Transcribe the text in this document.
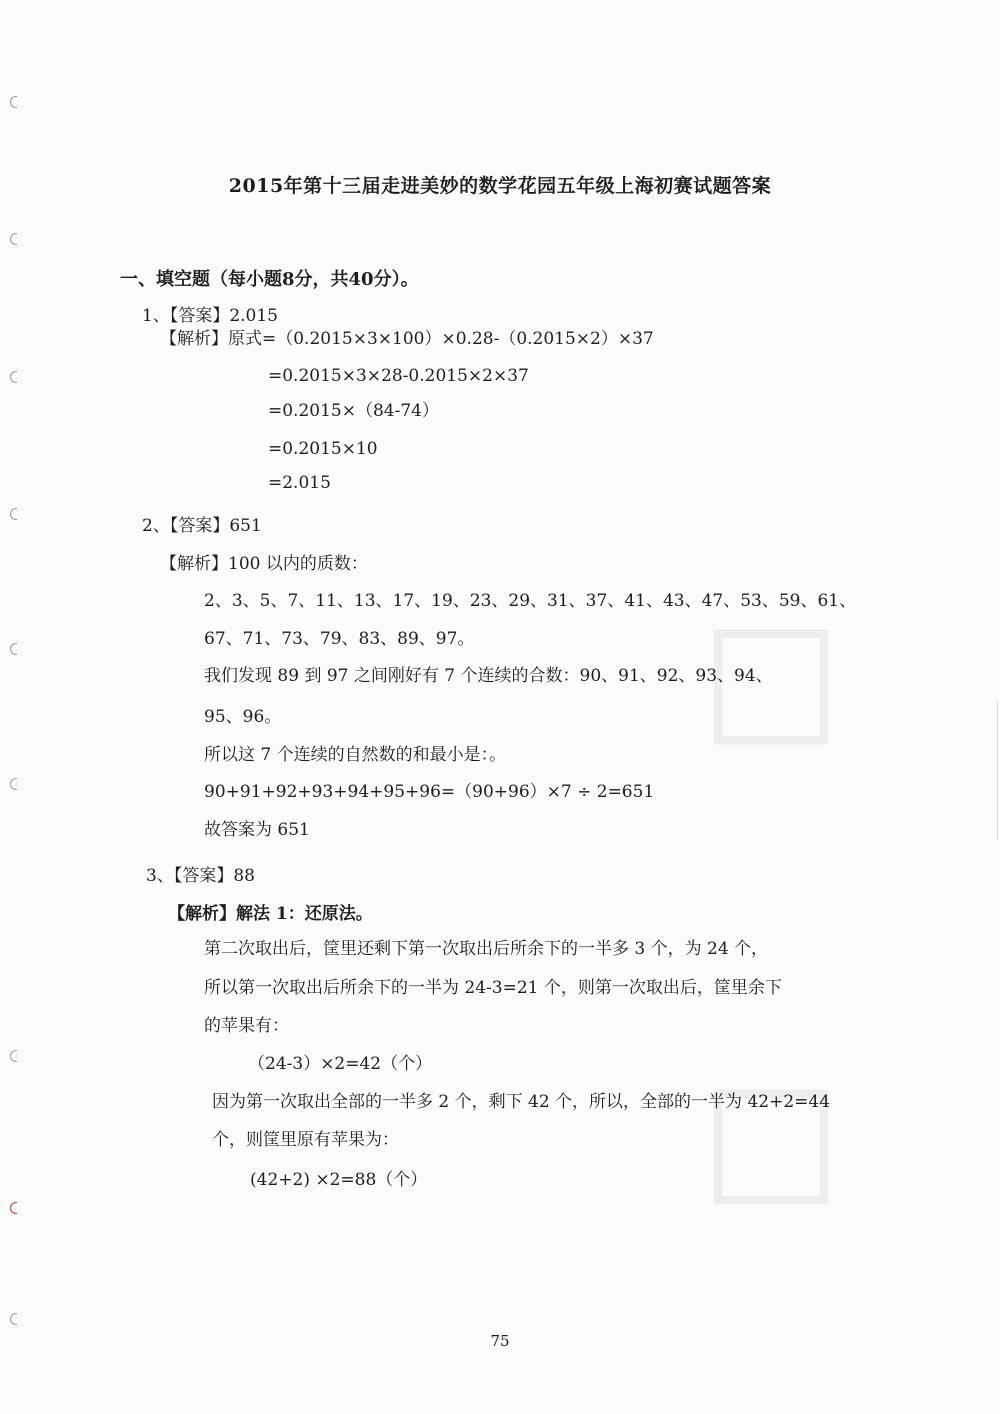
□
□
2015年第十三届走进美妙的数学花园五年级上海初赛试题答案
一、填空题（每小题8分，共40分）。
1、【答案】2.015
【解析】原式=（0.2015×3×100）×0.28-（0.2015×2）×37
=0.2015×3×28-0.2015×2×37
=0.2015×（84-74）
=0.2015×10
=2.015
2、【答案】651
【解析】100 以内的质数：
2、3、5、7、11、13、17、19、23、29、31、37、41、43、47、53、59、61、
67、71、73、79、83、89、97。
我们发现 89 到 97 之间刚好有 7 个连续的合数：90、91、92、93、94、
95、96。
所以这 7 个连续的自然数的和最小是：。
90+91+92+93+94+95+96=（90+96）×7 ÷ 2=651
故答案为 651
3、【答案】88
【解析】解法 1：还原法。
第二次取出后，筐里还剩下第一次取出后所余下的一半多 3 个，为 24 个，
所以第一次取出后所余下的一半为 24-3=21 个，则第一次取出后，筐里余下
的苹果有：
（24-3）×2=42（个）
因为第一次取出全部的一半多 2 个，剩下 42 个，所以，全部的一半为 42+2=44
个，则筐里原有苹果为：
(42+2) ×2=88（个）
75
